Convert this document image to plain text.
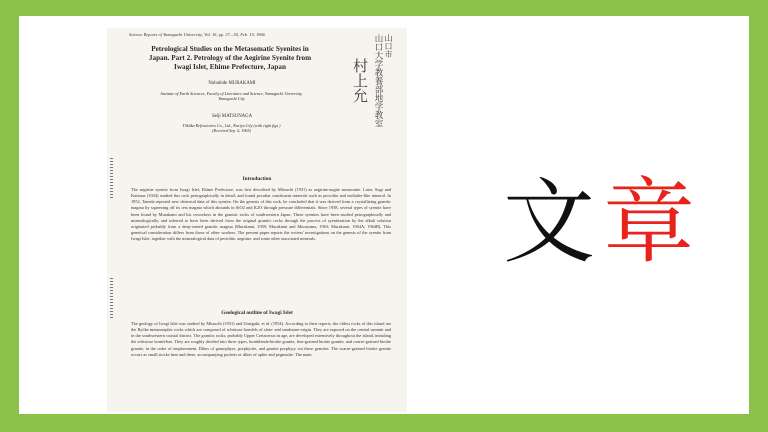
Science Reports of Yamaguchi University, Vol. 16, pp. 37—55, Feb. 15, 1966
Petrological Studies on the Metasomatic Syenites in Japan. Part 2. Petrology of the Aegirine Syenite from Iwagi Islet, Ehime Prefecture, Japan
Nobuhide MURAKAMI
Institute of Earth Sciences, Faculty of Literature and Science, Yamaguchi University, Yamaguchi City
Seiji MATSUNAGA
Tōkōku Refractories Co., Ltd., Kariya City (with eight figs.) (Received Sep. 6, 1965)
山口市
山口大学教養部地学教室
村上允
Introduction
The aegirine syenite from Iwagi Islet, Ehime Prefecture, was first described by Mitsuchi (1931) as aegirine-augite monzonite. Later, Sugi and Kutsuna (1944) studied this rock petrographically in detail, and found peculiar constituent minerals such as pectolite and eudialite-like mineral. In 1952, Taneda reported new chemical data of this syenite. On the genesis of this rock, he concluded that it was derived from a crystallizing granitic magma by squeezing off its rest magma which abounds in SiO2 and K2O through pressure differentials. Since 1958, several types of syenite have been found by Murakami and his coworkers in the granitic rocks of southwestern Japan. These syenites have been studied petrographically and mineralogically, and inferred to have been derived from the original granitic rocks through the process of syenitization by the alkali solution originated probably from a deep-seated granitic magma (Murakami, 1959; Murakami and Murayama, 1963; Murakami, 1964A; 1964B). This genetical consideration differs from those of other workers. The present paper reports the writers' investigations on the genesis of the syenite from Iwagi Islet, together with the mineralogical data of pectolite, aegirine, and some other associated minerals.
Geological outline of Iwagi Islet
The geology of Iwagi Islet was studied by Mitsuchi (1931) and Umegaki, et al. (1954). According to their reports, the oldest rocks of this island are the Ryōke metamorphic rocks which are composed of schistose hornfels of slate- and sandstone-origin. They are exposed on the central summit and in the southwestern coastal district. The granitic rocks, probably Upper Cretaceous in age, are developed extensively throughout the island, intruding the schistose hornfelses. They are roughly divided into three types, hornblende-biotite granite, fine-grained biotite granite, and coarse-grained biotite granite, in the order of emplacement. Dikes of granophyre, porphyrite, and granite porphyry cut these granites. The coarse-grained biotite granite occurs as small stocks here and there, accompanying pockets or dikes of aplite and pegmatite. The main
文 章
